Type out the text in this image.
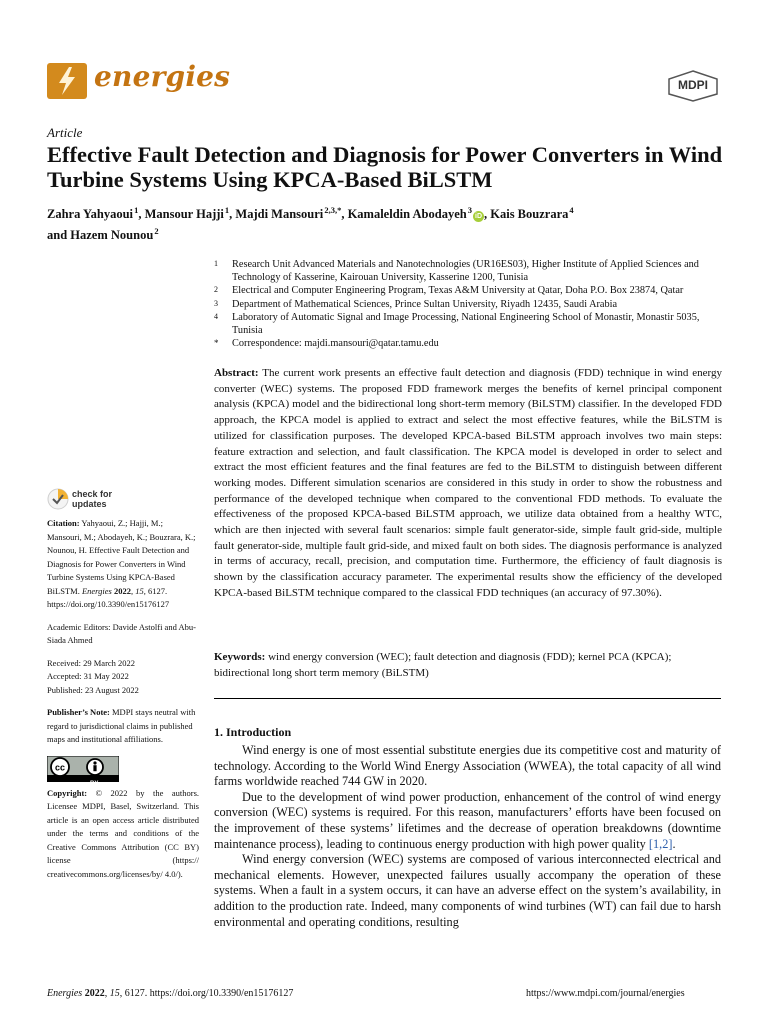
energies	MDPI
Article
Effective Fault Detection and Diagnosis for Power Converters in Wind Turbine Systems Using KPCA-Based BiLSTM
Zahra Yahyaoui $^1$, Mansour Hajji $^1$, Majdi Mansouri $^{2,3,*}$, Kamaleldin Abodayeh $^3$iD , Kais Bouzrara $^4$
and Hazem Nounou $^2$
1 Research Unit Advanced Materials and Nanotechnologies (UR16ES03), Higher Institute of Applied Sciences and Technology of Kasserine, Kairouan University, Kasserine 1200, Tunisia
2 Electrical and Computer Engineering Program, Texas A&M University at Qatar, Doha P.O. Box 23874, Qatar
3 Department of Mathematical Sciences, Prince Sultan University, Riyadh 12435, Saudi Arabia
4 Laboratory of Automatic Signal and Image Processing, National Engineering School of Monastir, Monastir 5035, Tunisia
* Correspondence: majdi.mansouri@qatar.tamu.edu
Abstract: The current work presents an effective fault detection and diagnosis (FDD) technique in wind energy converter (WEC) systems. The proposed FDD framework merges the benefits of kernel principal component analysis (KPCA) model and the bidirectional long short-term memory (BiLSTM) classifier. In the developed FDD approach, the KPCA model is applied to extract and select the most effective features, while the BiLSTM is utilized for classification purposes. The developed KPCA-based BiLSTM approach involves two main steps: feature extraction and selection, and fault classification. The KPCA model is developed in order to select and extract the most efficient features and the final features are fed to the BiLSTM to distinguish between different working modes. Different simulation scenarios are considered in this study in order to show the robustness and performance of the developed technique when compared to the conventional FDD methods. To evaluate the effectiveness of the proposed KPCA-based BiLSTM approach, we utilize data obtained from a healthy WTC, which are then injected with several fault scenarios: simple fault generator-side, simple fault grid-side, multiple fault generator-side, multiple fault grid-side, and mixed fault on both sides. The diagnosis performance is analyzed in terms of accuracy, recall, precision, and computation time. Furthermore, the efficiency of fault diagnosis is shown by the classification accuracy parameter. The experimental results show the efficiency of the developed KPCA-based BiLSTM technique compared to the classical FDD techniques (an accuracy of 97.30%).
Keywords: wind energy conversion (WEC); fault detection and diagnosis (FDD); kernel PCA (KPCA); bidirectional long short term memory (BiLSTM)
1. Introduction

Wind energy is one of most essential substitute energies due its competitive cost and maturity of technology. According to the World Wind Energy Association (WWEA), the total capacity of all wind farms worldwide reached 744 GW in 2020.

Due to the development of wind power production, enhancement of the control of wind energy conversion (WEC) systems is required. For this reason, manufacturers’ efforts have been focused on the improvement of these systems’ lifetimes and the decrease of operation breakdowns (downtime maintenance process), leading to continuous energy production with high power quality [1,2].

Wind energy conversion (WEC) systems are composed of various interconnected electrical and mechanical elements. However, unexpected failures usually accompany the operation of these systems. When a fault in a system occurs, it can have an adverse effect on the system’s availability, in addition to the production rate. Indeed, many components of wind turbines (WT) can fail due to harsh environmental and operating conditions, resulting

check for
updates
Citation: Yahyaoui, Z.; Hajji, M.; Mansouri, M.; Abodayeh, K.; Bouzrara, K.; Nounou, H. Effective Fault Detection and Diagnosis for Power Converters in Wind Turbine Systems Using KPCA-Based BiLSTM. Energies 2022, 15, 6127. https://doi.org/10.3390/en15176127
Academic Editors: Davide Astolfi and Abu-Siada Ahmed
Received: 29 March 2022
Accepted: 31 May 2022
Published: 23 August 2022
Publisher’s Note: MDPI stays neutral with regard to jurisdictional claims in published maps and institutional affiliations.
cc
$^{BY}$
Copyright: © 2022 by the authors. Licensee MDPI, Basel, Switzerland. This article is an open access article distributed under the terms and conditions of the Creative Commons Attribution (CC BY) license (https:// creativecommons.org/licenses/by/ 4.0/).
Energies 2022, 15, 6127. https://doi.org/10.3390/en15176127	https://www.mdpi.com/journal/energies
